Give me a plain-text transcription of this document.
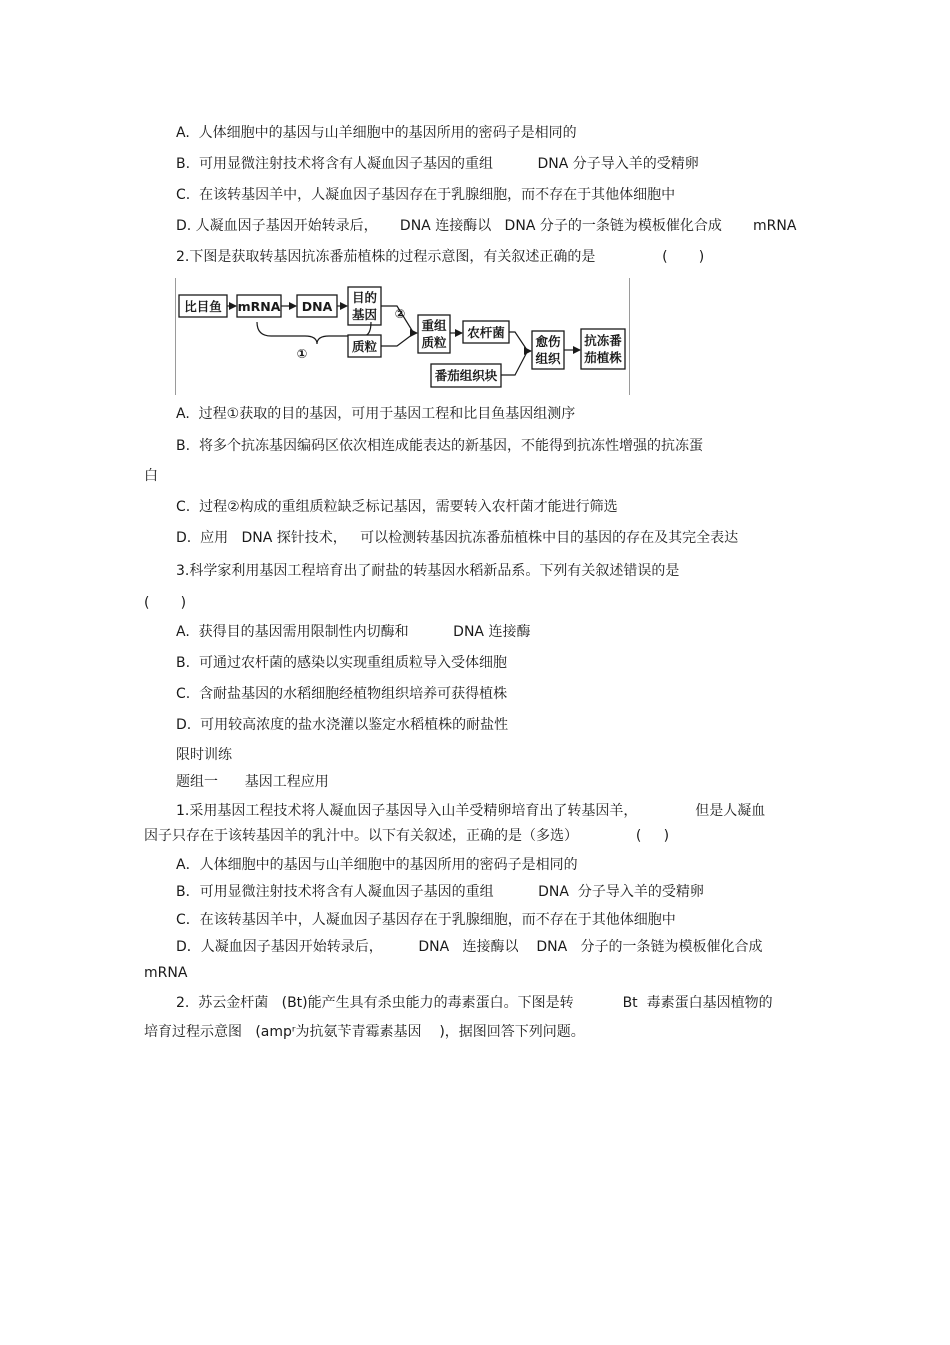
A.  人体细胞中的基因与山羊细胞中的基因所用的密码子是相同的
B.  可用显微注射技术将含有人凝血因子基因的重组          DNA 分子导入羊的受精卵
C.  在该转基因羊中，人凝血因子基因存在于乳腺细胞，而不存在于其他体细胞中
D. 人凝血因子基因开始转录后，     DNA 连接酶以   DNA 分子的一条链为模板催化合成       mRNA
2.下图是获取转基因抗冻番茄植株的过程示意图，有关叙述正确的是               (       )
比目鱼 mRNA DNA
目的
基因
①	质粒
②
重组
质粒
农杆菌
番茄组织块
愈伤
组织
抗冻番
茄植株
A.  过程①获取的目的基因，可用于基因工程和比目鱼基因组测序
B.  将多个抗冻基因编码区依次相连成能表达的新基因，不能得到抗冻性增强的抗冻蛋
白
C.  过程②构成的重组质粒缺乏标记基因，需要转入农杆菌才能进行筛选
D.  应用   DNA 探针技术，   可以检测转基因抗冻番茄植株中目的基因的存在及其完全表达
3.科学家利用基因工程培育出了耐盐的转基因水稻新品系。下列有关叙述错误的是
(       )
A.  获得目的基因需用限制性内切酶和          DNA 连接酶
B.  可通过农杆菌的感染以实现重组质粒导入受体细胞
C.  含耐盐基因的水稻细胞经植物组织培养可获得植株
D.  可用较高浓度的盐水浇灌以鉴定水稻植株的耐盐性
限时训练
题组一      基因工程应用
1.采用基因工程技术将人凝血因子基因导入山羊受精卵培育出了转基因羊，             但是人凝血
因子只存在于该转基因羊的乳汁中。以下有关叙述，正确的是（多选）             (     )
A．人体细胞中的基因与山羊细胞中的基因所用的密码子是相同的
B．可用显微注射技术将含有人凝血因子基因的重组          DNA  分子导入羊的受精卵
C．在该转基因羊中，人凝血因子基因存在于乳腺细胞，而不存在于其他体细胞中
D．人凝血因子基因开始转录后，        DNA   连接酶以    DNA   分子的一条链为模板催化合成
mRNA
2.  苏云金杆菌   (Bt)能产生具有杀虫能力的毒素蛋白。下图是转           Bt  毒素蛋白基因植物的
培育过程示意图   (ampʳ为抗氨苄青霉素基因    )，据图回答下列问题。
